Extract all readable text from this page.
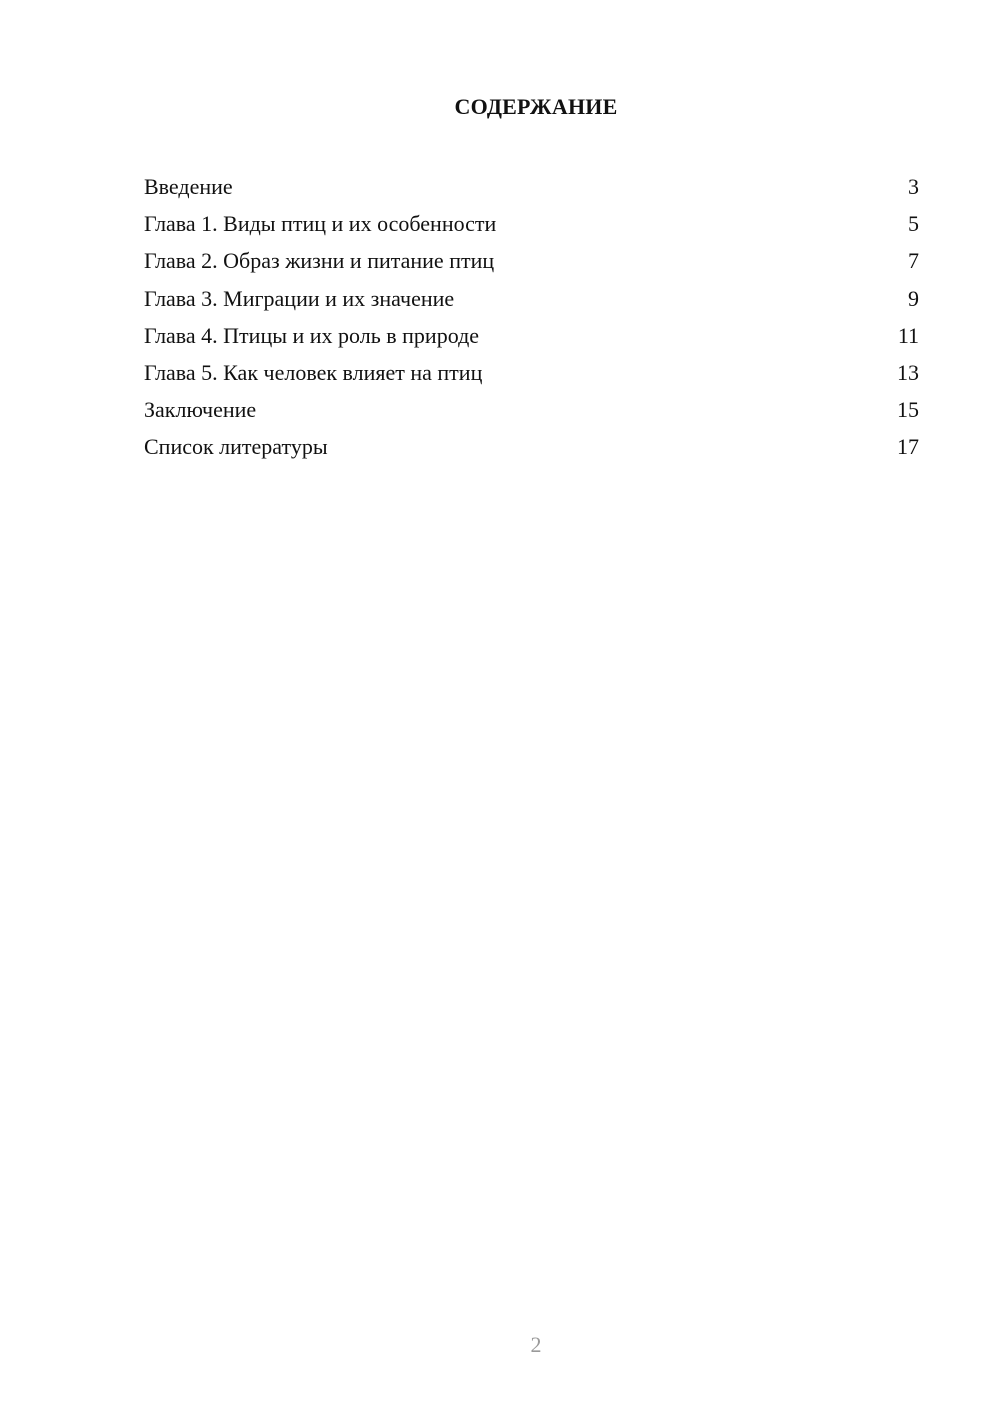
СОДЕРЖАНИЕ
Введение	3
Глава 1. Виды птиц и их особенности	5
Глава 2. Образ жизни и питание птиц	7
Глава 3. Миграции и их значение	9
Глава 4. Птицы и их роль в природе	11
Глава 5. Как человек влияет на птиц	13
Заключение	15
Список литературы	17
2
